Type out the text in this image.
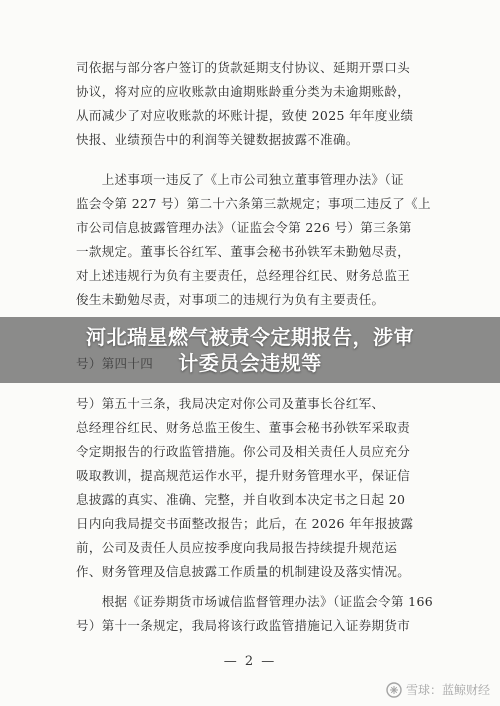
司依据与部分客户签订的货款延期支付协议、延期开票口头
协议，将对应的应收账款由逾期账龄重分类为未逾期账龄，
从而减少了对应收账款的坏账计提，致使 2025 年年度业绩
快报、业绩预告中的利润等关键数据披露不准确。
　　上述事项一违反了《上市公司独立董事管理办法》（证
监会令第 227 号）第二十六条第三款规定；事项二违反了《上
市公司信息披露管理办法》（证监会令第 226 号）第三条第
一款规定。董事长谷红军、董事会秘书孙铁军未勤勉尽责，
对上述违规行为负有主要责任，总经理谷红民、财务总监王
俊生未勤勉尽责，对事项二的违规行为负有主要责任。
号）第五十三条，我局决定对你公司及董事长谷红军、
总经理谷红民、财务总监王俊生、董事会秘书孙铁军采取责
令定期报告的行政监管措施。你公司及相关责任人员应充分
吸取教训，提高规范运作水平，提升财务管理水平，保证信
息披露的真实、准确、完整，并自收到本决定书之日起 20
日内向我局提交书面整改报告；此后，在 2026 年年报披露
前，公司及责任人员应按季度向我局报告持续提升规范运
作、财务管理及信息披露工作质量的机制建设及落实情况。
　　根据《证券期货市场诚信监督管理办法》（证监会令第 166
号）第十一条规定，我局将该行政监管措施记入证券期货市
— 2 —
河北瑞星燃气被责令定期报告，涉审
计委员会违规等
雪球：蓝鲸财经
